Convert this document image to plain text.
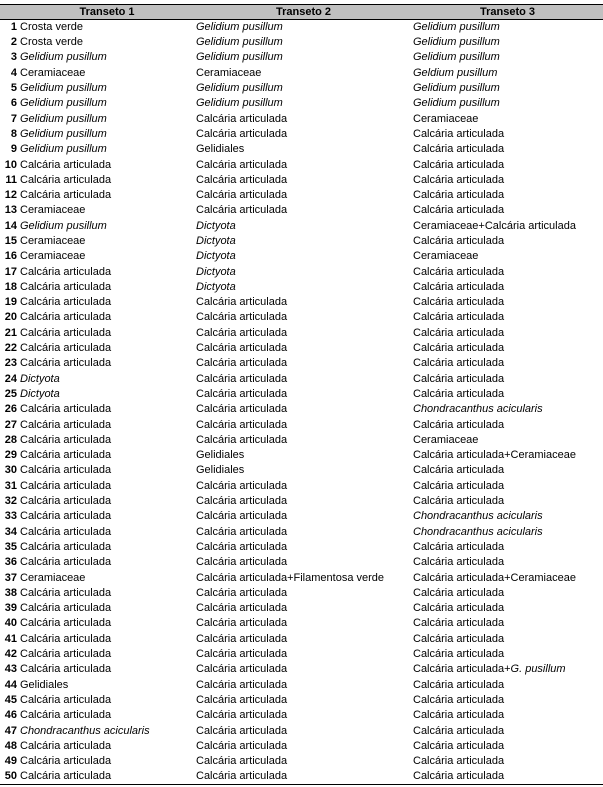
	Transeto 1	Transeto 2	Transeto 3
1	Crosta verde	Gelidium pusillum	Gelidium pusillum
2	Crosta verde	Gelidium pusillum	Gelidium pusillum
3	Gelidium pusillum	Gelidium pusillum	Gelidium pusillum
4	Ceramiaceae	Ceramiaceae	Geldium pusillum
5	Gelidium pusillum	Gelidium pusillum	Gelidium pusillum
6	Gelidium pusillum	Gelidium pusillum	Gelidium pusillum
7	Gelidium pusillum	Calcária articulada	Ceramiaceae
8	Gelidium pusillum	Calcária articulada	Calcária articulada
9	Gelidium pusillum	Gelidiales	Calcária articulada
10	Calcária articulada	Calcária articulada	Calcária articulada
11	Calcária articulada	Calcária articulada	Calcária articulada
12	Calcária articulada	Calcária articulada	Calcária articulada
13	Ceramiaceae	Calcária articulada	Calcária articulada
14	Gelidium pusillum	Dictyota	Ceramiaceae+Calcária articulada
15	Ceramiaceae	Dictyota	Calcária articulada
16	Ceramiaceae	Dictyota	Ceramiaceae
17	Calcária articulada	Dictyota	Calcária articulada
18	Calcária articulada	Dictyota	Calcária articulada
19	Calcária articulada	Calcária articulada	Calcária articulada
20	Calcária articulada	Calcária articulada	Calcária articulada
21	Calcária articulada	Calcária articulada	Calcária articulada
22	Calcária articulada	Calcária articulada	Calcária articulada
23	Calcária articulada	Calcária articulada	Calcária articulada
24	Dictyota	Calcária articulada	Calcária articulada
25	Dictyota	Calcária articulada	Calcária articulada
26	Calcária articulada	Calcária articulada	Chondracanthus acicularis
27	Calcária articulada	Calcária articulada	Calcária articulada
28	Calcária articulada	Calcária articulada	Ceramiaceae
29	Calcária articulada	Gelidiales	Calcária articulada+Ceramiaceae
30	Calcária articulada	Gelidiales	Calcária articulada
31	Calcária articulada	Calcária articulada	Calcária articulada
32	Calcária articulada	Calcária articulada	Calcária articulada
33	Calcária articulada	Calcária articulada	Chondracanthus acicularis
34	Calcária articulada	Calcária articulada	Chondracanthus acicularis
35	Calcária articulada	Calcária articulada	Calcária articulada
36	Calcária articulada	Calcária articulada	Calcária articulada
37	Ceramiaceae	Calcária articulada+Filamentosa verde	Calcária articulada+Ceramiaceae
38	Calcária articulada	Calcária articulada	Calcária articulada
39	Calcária articulada	Calcária articulada	Calcária articulada
40	Calcária articulada	Calcária articulada	Calcária articulada
41	Calcária articulada	Calcária articulada	Calcária articulada
42	Calcária articulada	Calcária articulada	Calcária articulada
43	Calcária articulada	Calcária articulada	Calcária articulada+G. pusillum
44	Gelidiales	Calcária articulada	Calcária articulada
45	Calcária articulada	Calcária articulada	Calcária articulada
46	Calcária articulada	Calcária articulada	Calcária articulada
47	Chondracanthus acicularis	Calcária articulada	Calcária articulada
48	Calcária articulada	Calcária articulada	Calcária articulada
49	Calcária articulada	Calcária articulada	Calcária articulada
50	Calcária articulada	Calcária articulada	Calcária articulada
